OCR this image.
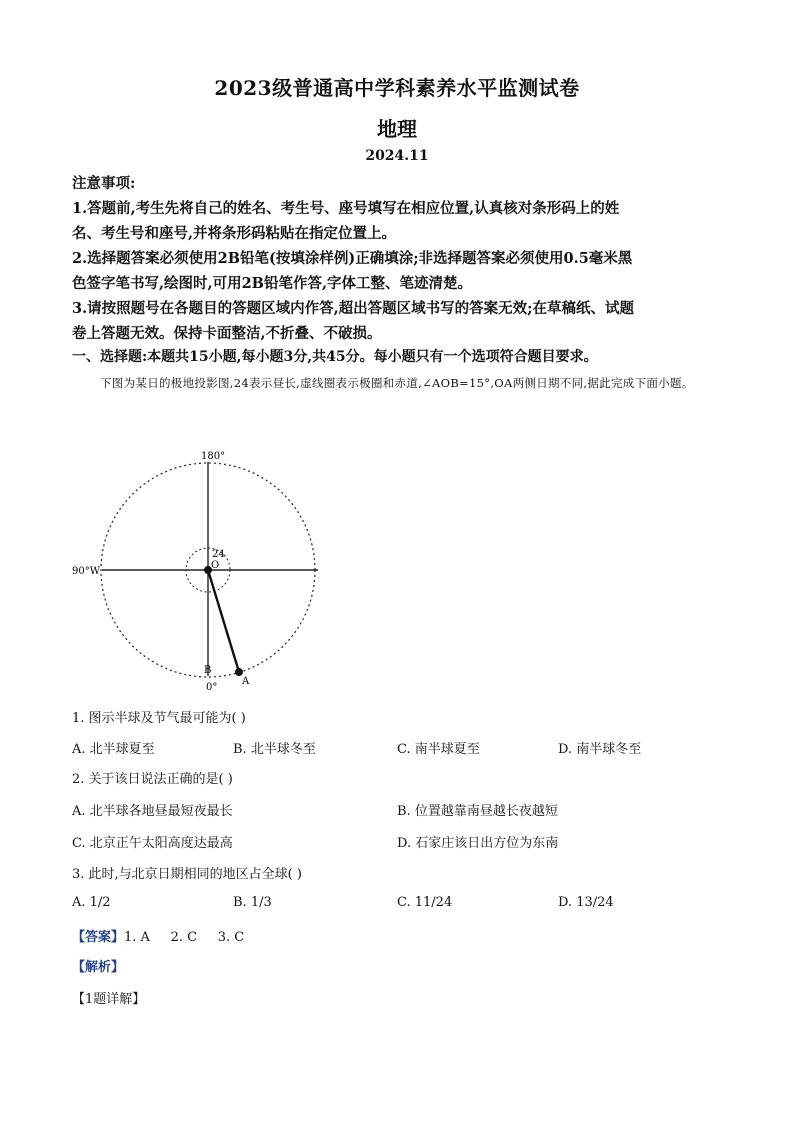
2023级普通高中学科素养水平监测试卷
地理
2024.11
注意事项:
1.答题前,考生先将自己的姓名、考生号、座号填写在相应位置,认真核对条形码上的姓
名、考生号和座号,并将条形码粘贴在指定位置上。
2.选择题答案必须使用2B铅笔(按填涂样例)正确填涂;非选择题答案必须使用0.5毫米黑
色签字笔书写,绘图时,可用2B铅笔作答,字体工整、笔迹清楚。
3.请按照题号在各题目的答题区域内作答,超出答题区域书写的答案无效;在草稿纸、试题
卷上答题无效。保持卡面整洁,不折叠、不破损。
一、选择题:本题共15小题,每小题3分,共45分。每小题只有一个选项符合题目要求。
下图为某日的极地投影图,24表示昼长,虚线圈表示极圈和赤道,∠AOB=15°,OA两侧日期不同,据此完成下面小题。
180°
90°W
0°
O
24
B
A
1. 图示半球及节气最可能为( )
A. 北半球夏至	B. 北半球冬至	C. 南半球夏至	D. 南半球冬至
2. 关于该日说法正确的是( )
A. 北半球各地昼最短夜最长	B. 位置越靠南昼越长夜越短
C. 北京正午太阳高度达最高	D. 石家庄该日出方位为东南
3. 此时,与北京日期相同的地区占全球( )
A. 1/2	B. 1/3	C. 11/24	D. 13/24
【答案】1. A     2. C     3. C
【解析】
【1题详解】
